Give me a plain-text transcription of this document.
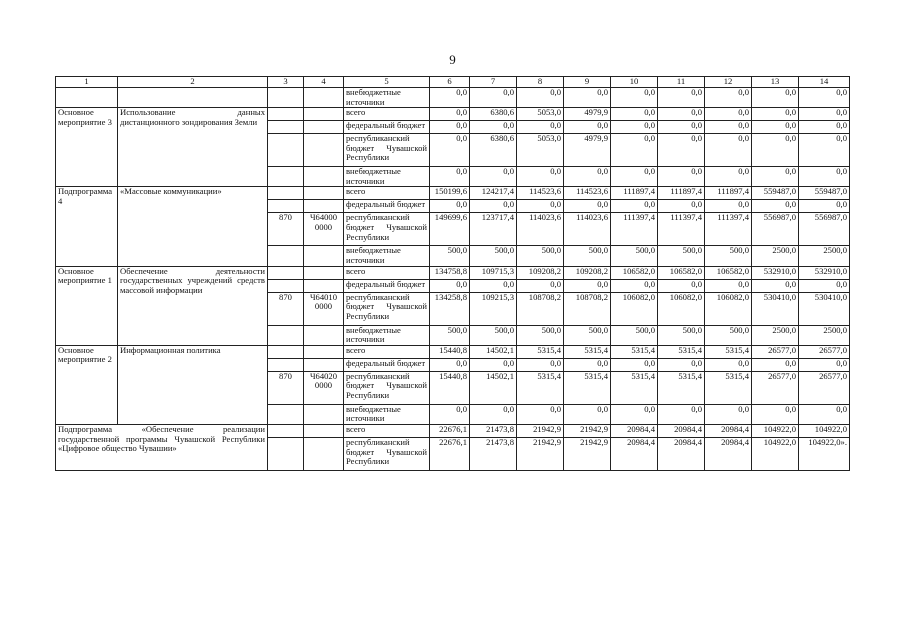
9
1	2	3	4	5	6	7	8	9	10	11	12	13	14
				внебюджетные источники	0,0	0,0	0,0	0,0	0,0	0,0	0,0	0,0	0,0
Основное мероприятие 3	Использование данных дистанционного зондирования Земли			всего	0,0	6380,6	5053,0	4979,9	0,0	0,0	0,0	0,0	0,0
				федеральный бюджет	0,0	0,0	0,0	0,0	0,0	0,0	0,0	0,0	0,0
				республиканский бюджет Чувашской Республики	0,0	6380,6	5053,0	4979,9	0,0	0,0	0,0	0,0	0,0
				внебюджетные источники	0,0	0,0	0,0	0,0	0,0	0,0	0,0	0,0	0,0
Подпрограмма 4	«Массовые коммуникации»			всего	150199,6	124217,4	114523,6	114523,6	111897,4	111897,4	111897,4	559487,0	559487,0
				федеральный бюджет	0,0	0,0	0,0	0,0	0,0	0,0	0,0	0,0	0,0
		870	Ч64000 0000	республиканский бюджет Чувашской Республики	149699,6	123717,4	114023,6	114023,6	111397,4	111397,4	111397,4	556987,0	556987,0
				внебюджетные источники	500,0	500,0	500,0	500,0	500,0	500,0	500,0	2500,0	2500,0
Основное мероприятие 1	Обеспечение деятельности государственных учреждений средств массовой информации			всего	134758,8	109715,3	109208,2	109208,2	106582,0	106582,0	106582,0	532910,0	532910,0
				федеральный бюджет	0,0	0,0	0,0	0,0	0,0	0,0	0,0	0,0	0,0
		870	Ч64010 0000	республиканский бюджет Чувашской Республики	134258,8	109215,3	108708,2	108708,2	106082,0	106082,0	106082,0	530410,0	530410,0
				внебюджетные источники	500,0	500,0	500,0	500,0	500,0	500,0	500,0	2500,0	2500,0
Основное мероприятие 2	Информационная политика			всего	15440,8	14502,1	5315,4	5315,4	5315,4	5315,4	5315,4	26577,0	26577,0
				федеральный бюджет	0,0	0,0	0,0	0,0	0,0	0,0	0,0	0,0	0,0
		870	Ч64020 0000	республиканский бюджет Чувашской Республики	15440,8	14502,1	5315,4	5315,4	5315,4	5315,4	5315,4	26577,0	26577,0
				внебюджетные источники	0,0	0,0	0,0	0,0	0,0	0,0	0,0	0,0	0,0
Подпрограмма «Обеспечение реализации государственной программы Чувашской Республики «Цифровое общество Чувашии»				всего	22676,1	21473,8	21942,9	21942,9	20984,4	20984,4	20984,4	104922,0	104922,0
				республиканский бюджет Чувашской Республики	22676,1	21473,8	21942,9	21942,9	20984,4	20984,4	20984,4	104922,0	104922,0».
